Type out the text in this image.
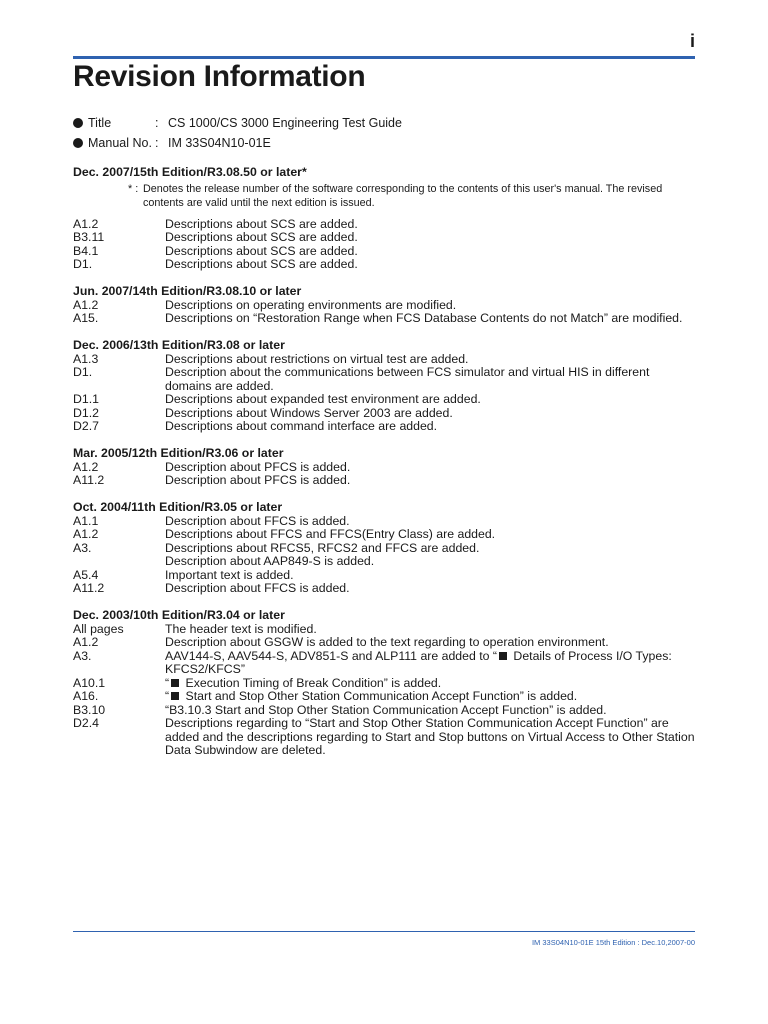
i
Revision Information
Title	: CS 1000/CS 3000 Engineering Test Guide
Manual No. : IM 33S04N10-01E
Dec. 2007/15th Edition/R3.08.50 or later*
* : Denotes the release number of the software corresponding to the contents of this user's manual. The revised contents are valid until the next edition is issued.
A1.2	Descriptions about SCS are added.
B3.11	Descriptions about SCS are added.
B4.1	Descriptions about SCS are added.
D1.	Descriptions about SCS are added.
Jun. 2007/14th Edition/R3.08.10 or later
A1.2	Descriptions on operating environments are modified.
A15.	Descriptions on “Restoration Range when FCS Database Contents do not Match” are modified.
Dec. 2006/13th Edition/R3.08 or later
A1.3	Descriptions about restrictions on virtual test are added.
D1.	Description about the communications between FCS simulator and virtual HIS in different domains are added.
D1.1	Descriptions about expanded test environment are added.
D1.2	Descriptions about Windows Server 2003 are added.
D2.7	Descriptions about command interface are added.
Mar. 2005/12th Edition/R3.06 or later
A1.2	Description about PFCS is added.
A11.2	Description about PFCS is added.
Oct. 2004/11th Edition/R3.05 or later
A1.1	Description about FFCS is added.
A1.2	Descriptions about FFCS and FFCS(Entry Class) are added.
A3.	Descriptions about RFCS5, RFCS2 and FFCS are added.
Description about AAP849-S is added.
A5.4	Important text is added.
A11.2	Description about FFCS is added.
Dec. 2003/10th Edition/R3.04 or later
All pages	The header text is modified.
A1.2	Description about GSGW is added to the text regarding to operation environment.
A3.	AAV144-S, AAV544-S, ADV851-S and ALP111 are added to “ Details of Process I/O Types: KFCS2/KFCS”
A10.1	“ Execution Timing of Break Condition” is added.
A16.	“ Start and Stop Other Station Communication Accept Function” is added.
B3.10	“B3.10.3 Start and Stop Other Station Communication Accept Function” is added.
D2.4	Descriptions regarding to “Start and Stop Other Station Communication Accept Function” are added and the descriptions regarding to Start and Stop buttons on Virtual Access to Other Station Data Subwindow are deleted.
IM 33S04N10-01E 15th Edition : Dec.10,2007-00
